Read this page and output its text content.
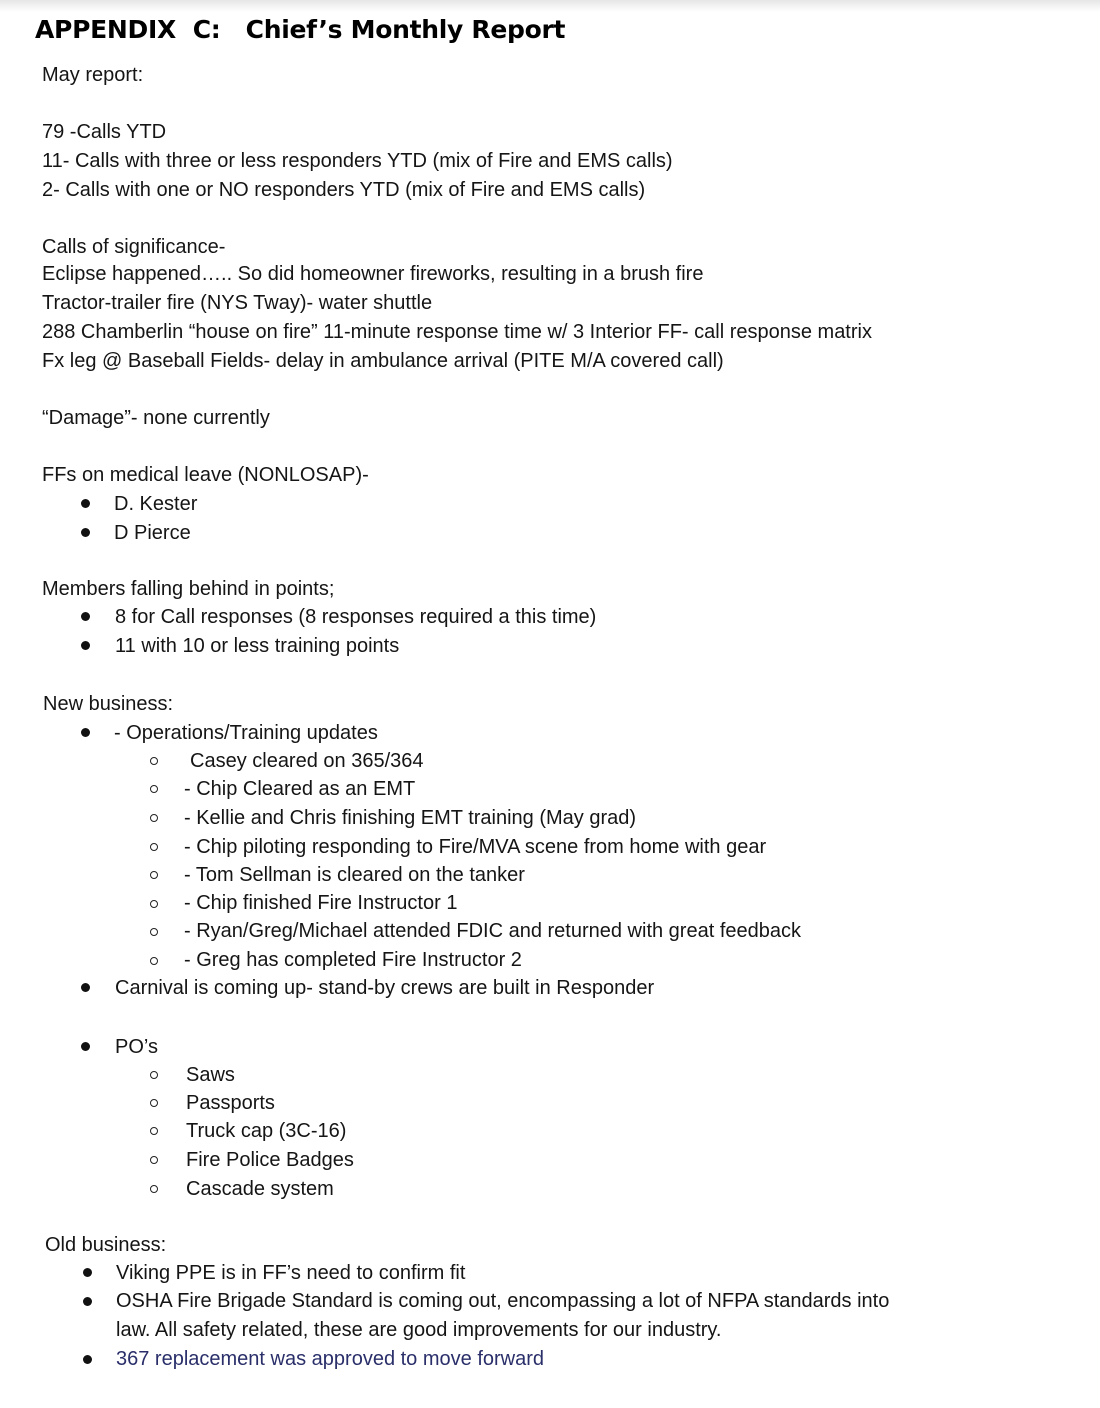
APPENDIX  C:   Chief’s Monthly Report
May report:
79 -Calls YTD
11- Calls with three or less responders YTD (mix of Fire and EMS calls)
2- Calls with one or NO responders YTD (mix of Fire and EMS calls)
Calls of significance-
Eclipse happened….. So did homeowner fireworks, resulting in a brush fire
Tractor-trailer fire (NYS Tway)- water shuttle
288 Chamberlin “house on fire” 11-minute response time w/ 3 Interior FF- call response matrix
Fx leg @ Baseball Fields- delay in ambulance arrival (PITE M/A covered call)
“Damage”- none currently
FFs on medical leave (NONLOSAP)-
D. Kester
D Pierce
Members falling behind in points;
8 for Call responses (8 responses required a this time)
11 with 10 or less training points
New business:
- Operations/Training updates
Casey cleared on 365/364
- Chip Cleared as an EMT
- Kellie and Chris finishing EMT training (May grad)
- Chip piloting responding to Fire/MVA scene from home with gear
- Tom Sellman is cleared on the tanker
- Chip finished Fire Instructor 1
- Ryan/Greg/Michael attended FDIC and returned with great feedback
- Greg has completed Fire Instructor 2
Carnival is coming up- stand-by crews are built in Responder
PO’s
Saws
Passports
Truck cap (3C-16)
Fire Police Badges
Cascade system
Old business:
Viking PPE is in FF’s need to confirm fit
OSHA Fire Brigade Standard is coming out, encompassing a lot of NFPA standards into
law. All safety related, these are good improvements for our industry.
367 replacement was approved to move forward
